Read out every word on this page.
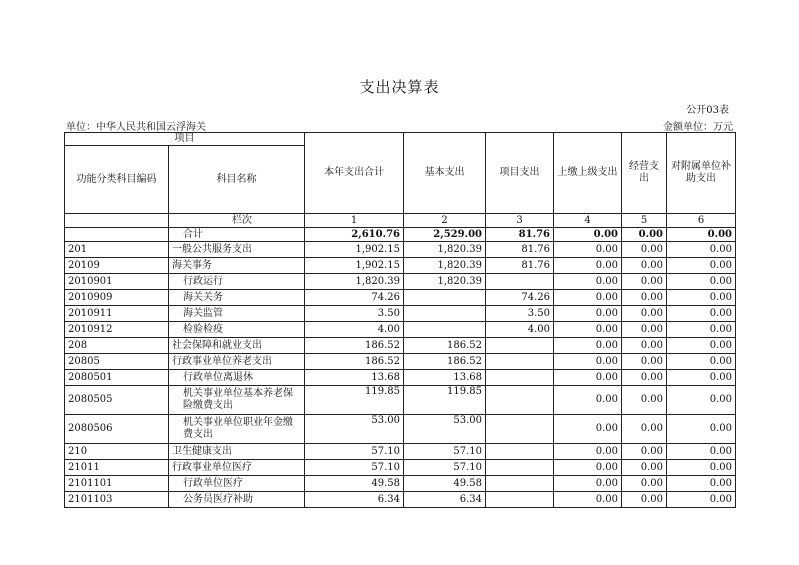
支出决算表
公开03表
单位：中华人民共和国云浮海关	金额单位：万元
项目		本年支出合计	基本支出	项目支出	上缴上级支出	经营支出	对附属单位补助支出
功能分类科目编码	科目名称						
	栏次	1	2	3	4	5	6
	合计	2,610.76	2,529.00	81.76	0.00	0.00	0.00
201	一般公共服务支出	1,902.15	1,820.39	81.76	0.00	0.00	0.00
20109	海关事务	1,902.15	1,820.39	81.76	0.00	0.00	0.00
2010901	行政运行	1,820.39	1,820.39		0.00	0.00	0.00
2010909	海关关务	74.26		74.26	0.00	0.00	0.00
2010911	海关监管	3.50		3.50	0.00	0.00	0.00
2010912	检验检疫	4.00		4.00	0.00	0.00	0.00
208	社会保障和就业支出	186.52	186.52		0.00	0.00	0.00
20805	行政事业单位养老支出	186.52	186.52		0.00	0.00	0.00
2080501	行政单位离退休	13.68	13.68		0.00	0.00	0.00
2080505	机关事业单位基本养老保险缴费支出	119.85	119.85		0.00	0.00	0.00
2080506	机关事业单位职业年金缴费支出	53.00	53.00		0.00	0.00	0.00
210	卫生健康支出	57.10	57.10		0.00	0.00	0.00
21011	行政事业单位医疗	57.10	57.10		0.00	0.00	0.00
2101101	行政单位医疗	49.58	49.58		0.00	0.00	0.00
2101103	公务员医疗补助	6.34	6.34		0.00	0.00	0.00
